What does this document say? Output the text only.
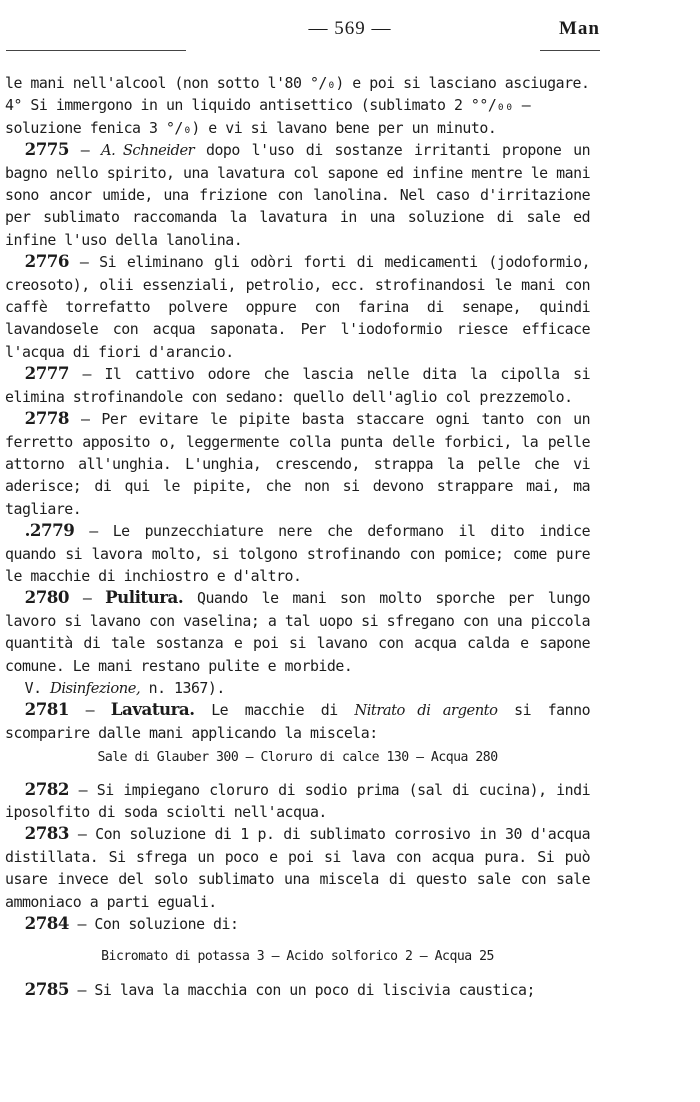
— 569 —	Man

le mani nell'alcool (non sotto l'80 °/₀) e poi si lasciano asciugare.
4° Si immergono in un liquido antisettico (sublimato 2 °°/₀₀ —
soluzione fenica 3 °/₀) e vi si lavano bene per un minuto.

2775 — A. Schneider dopo l'uso di sostanze irritanti propone un bagno nello spirito, una lavatura col sapone ed infine mentre le mani sono ancor umide, una frizione con lanolina. Nel caso d'irritazione per sublimato raccomanda la lavatura in una soluzione di sale ed infine l'uso della lanolina.

2776 — Si eliminano gli odòri forti di medicamenti (jodoformio, creosoto), olii essenziali, petrolio, ecc. strofinandosi le mani con caffè torrefatto polvere oppure con farina di senape, quindi lavandosele con acqua saponata. Per l'iodoformio riesce efficace l'acqua di fiori d'arancio.

2777 — Il cattivo odore che lascia nelle dita la cipolla si elimina strofinandole con sedano: quello dell'aglio col prezzemolo.

2778 — Per evitare le pipite basta staccare ogni tanto con un ferretto apposito o, leggermente colla punta delle forbici, la pelle attorno all'unghia. L'unghia, crescendo, strappa la pelle che vi aderisce; di qui le pipite, che non si devono strappare mai, ma tagliare.

.2779 — Le punzecchiature nere che deformano il dito indice quando si lavora molto, si tolgono strofinando con pomice; come pure le macchie di inchiostro e d'altro.

2780 — Pulitura. Quando le mani son molto sporche per lungo lavoro si lavano con vaselina; a tal uopo si sfregano con una piccola quantità di tale sostanza e poi si lavano con acqua calda e sapone comune. Le mani restano pulite e morbide.

V. Disinfezione, n. 1367).

2781 — Lavatura. Le macchie di Nitrato di argento si fanno scomparire dalle mani applicando la miscela:

Sale di Glauber 300 — Cloruro di calce 130 — Acqua 280

2782 — Si impiegano cloruro di sodio prima (sal di cucina), indi iposolfito di soda sciolti nell'acqua.

2783 — Con soluzione di 1 p. di sublimato corrosivo in 30 d'acqua distillata. Si sfrega un poco e poi si lava con acqua pura. Si può usare invece del solo sublimato una miscela di questo sale con sale ammoniaco a parti eguali.

2784 — Con soluzione di:

Bicromato di potassa 3 — Acido solforico 2 — Acqua 25

2785 — Si lava la macchia con un poco di liscivia caustica;
